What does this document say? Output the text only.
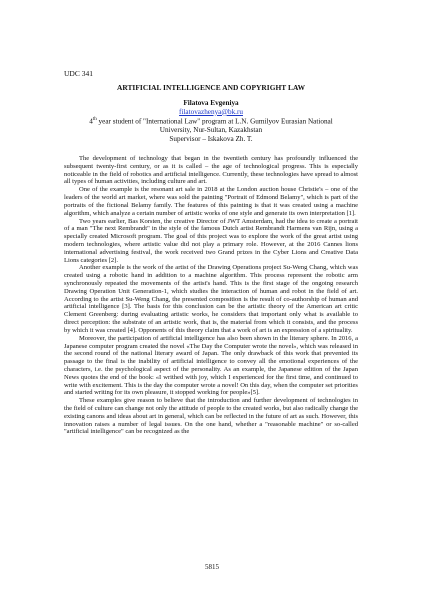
UDC 341
ARTIFICIAL INTELLIGENCE AND COPYRIGHT LAW
Filatova Evgeniya
filatovazhenya@bk.ru
4th year student of "International Law" program at L.N. Gumilyov Eurasian National
University, Nur-Sultan, Kazakhstan
Supervisor – Iskakova Zh. T.

The development of technology that began in the twentieth century has profoundly influenced the subsequent twenty-first century, or as it is called – the age of technological progress. This is especially noticeable in the field of robotics and artificial intelligence. Currently, these technologies have spread to almost all types of human activities, including culture and art.

One of the example is the resonant art sale in 2018 at the London auction house Christie's – one of the leaders of the world art market, where was sold the painting "Portrait of Edmond Belamy", which is part of the portraits of the fictional Belamy family. The features of this painting is that it was created using a machine algorithm, which analyze a certain number of artistic works of one style and generate its own interpretation [1].

Two years earlier, Bas Korsten, the creative Director of JWT Amsterdam, had the idea to create a portrait of a man "The next Rembrandt" in the style of the famous Dutch artist Rembrandt Harmens van Rijn, using a specially created Microsoft program. The goal of this project was to explore the work of the great artist using modern technologies, where artistic value did not play a primary role. However, at the 2016 Cannes lions international advertising festival, the work received two Grand prizes in the Cyber Lions and Creative Data Lions categories [2].

Another example is the work of the artist of the Drawing Operations project Su-Weng Chang, which was created using a robotic hand in addition to a machine algorithm. This process represent the robotic arm synchronously repeated the movements of the artist's hand. This is the first stage of the ongoing research Drawing Operation Unit Generation-1, which studies the interaction of human and robot in the field of art. According to the artist Su-Weng Chang, the presented composition is the result of co-authorship of human and artificial intelligence [3]. The basis for this conclusion can be the artistic theory of the American art critic Clement Greenberg: during evaluating artistic works, he considers that important only what is available to direct perception: the substrate of an artistic work, that is, the material from which it consists, and the process by which it was created [4]. Opponents of this theory claim that a work of art is an expression of a spirituality.

Moreover, the participation of artificial intelligence has also been shown in the literary sphere. In 2016, a Japanese computer program created the novel «The Day the Computer wrote the novel», which was released in the second round of the national literary award of Japan. The only drawback of this work that prevented its passage to the final is the inability of artificial intelligence to convey all the emotional experiences of the characters, i.e. the psychological aspect of the personality. As an example, the Japanese edition of the Japan News quotes the end of the book: «I writhed with joy, which I experienced for the first time, and continued to write with excitement. This is the day the computer wrote a novel! On this day, when the computer set priorities and started writing for its own pleasure, it stopped working for people»[5].

These examples give reason to believe that the introduction and further development of technologies in the field of culture can change not only the attitude of people to the created works, but also radically change the existing canons and ideas about art in general, which can be reflected in the future of art as such. However, this innovation raises a number of legal issues. On the one hand, whether a "reasonable machine" or so-called "artificial intelligence" can be recognized as the

5815
